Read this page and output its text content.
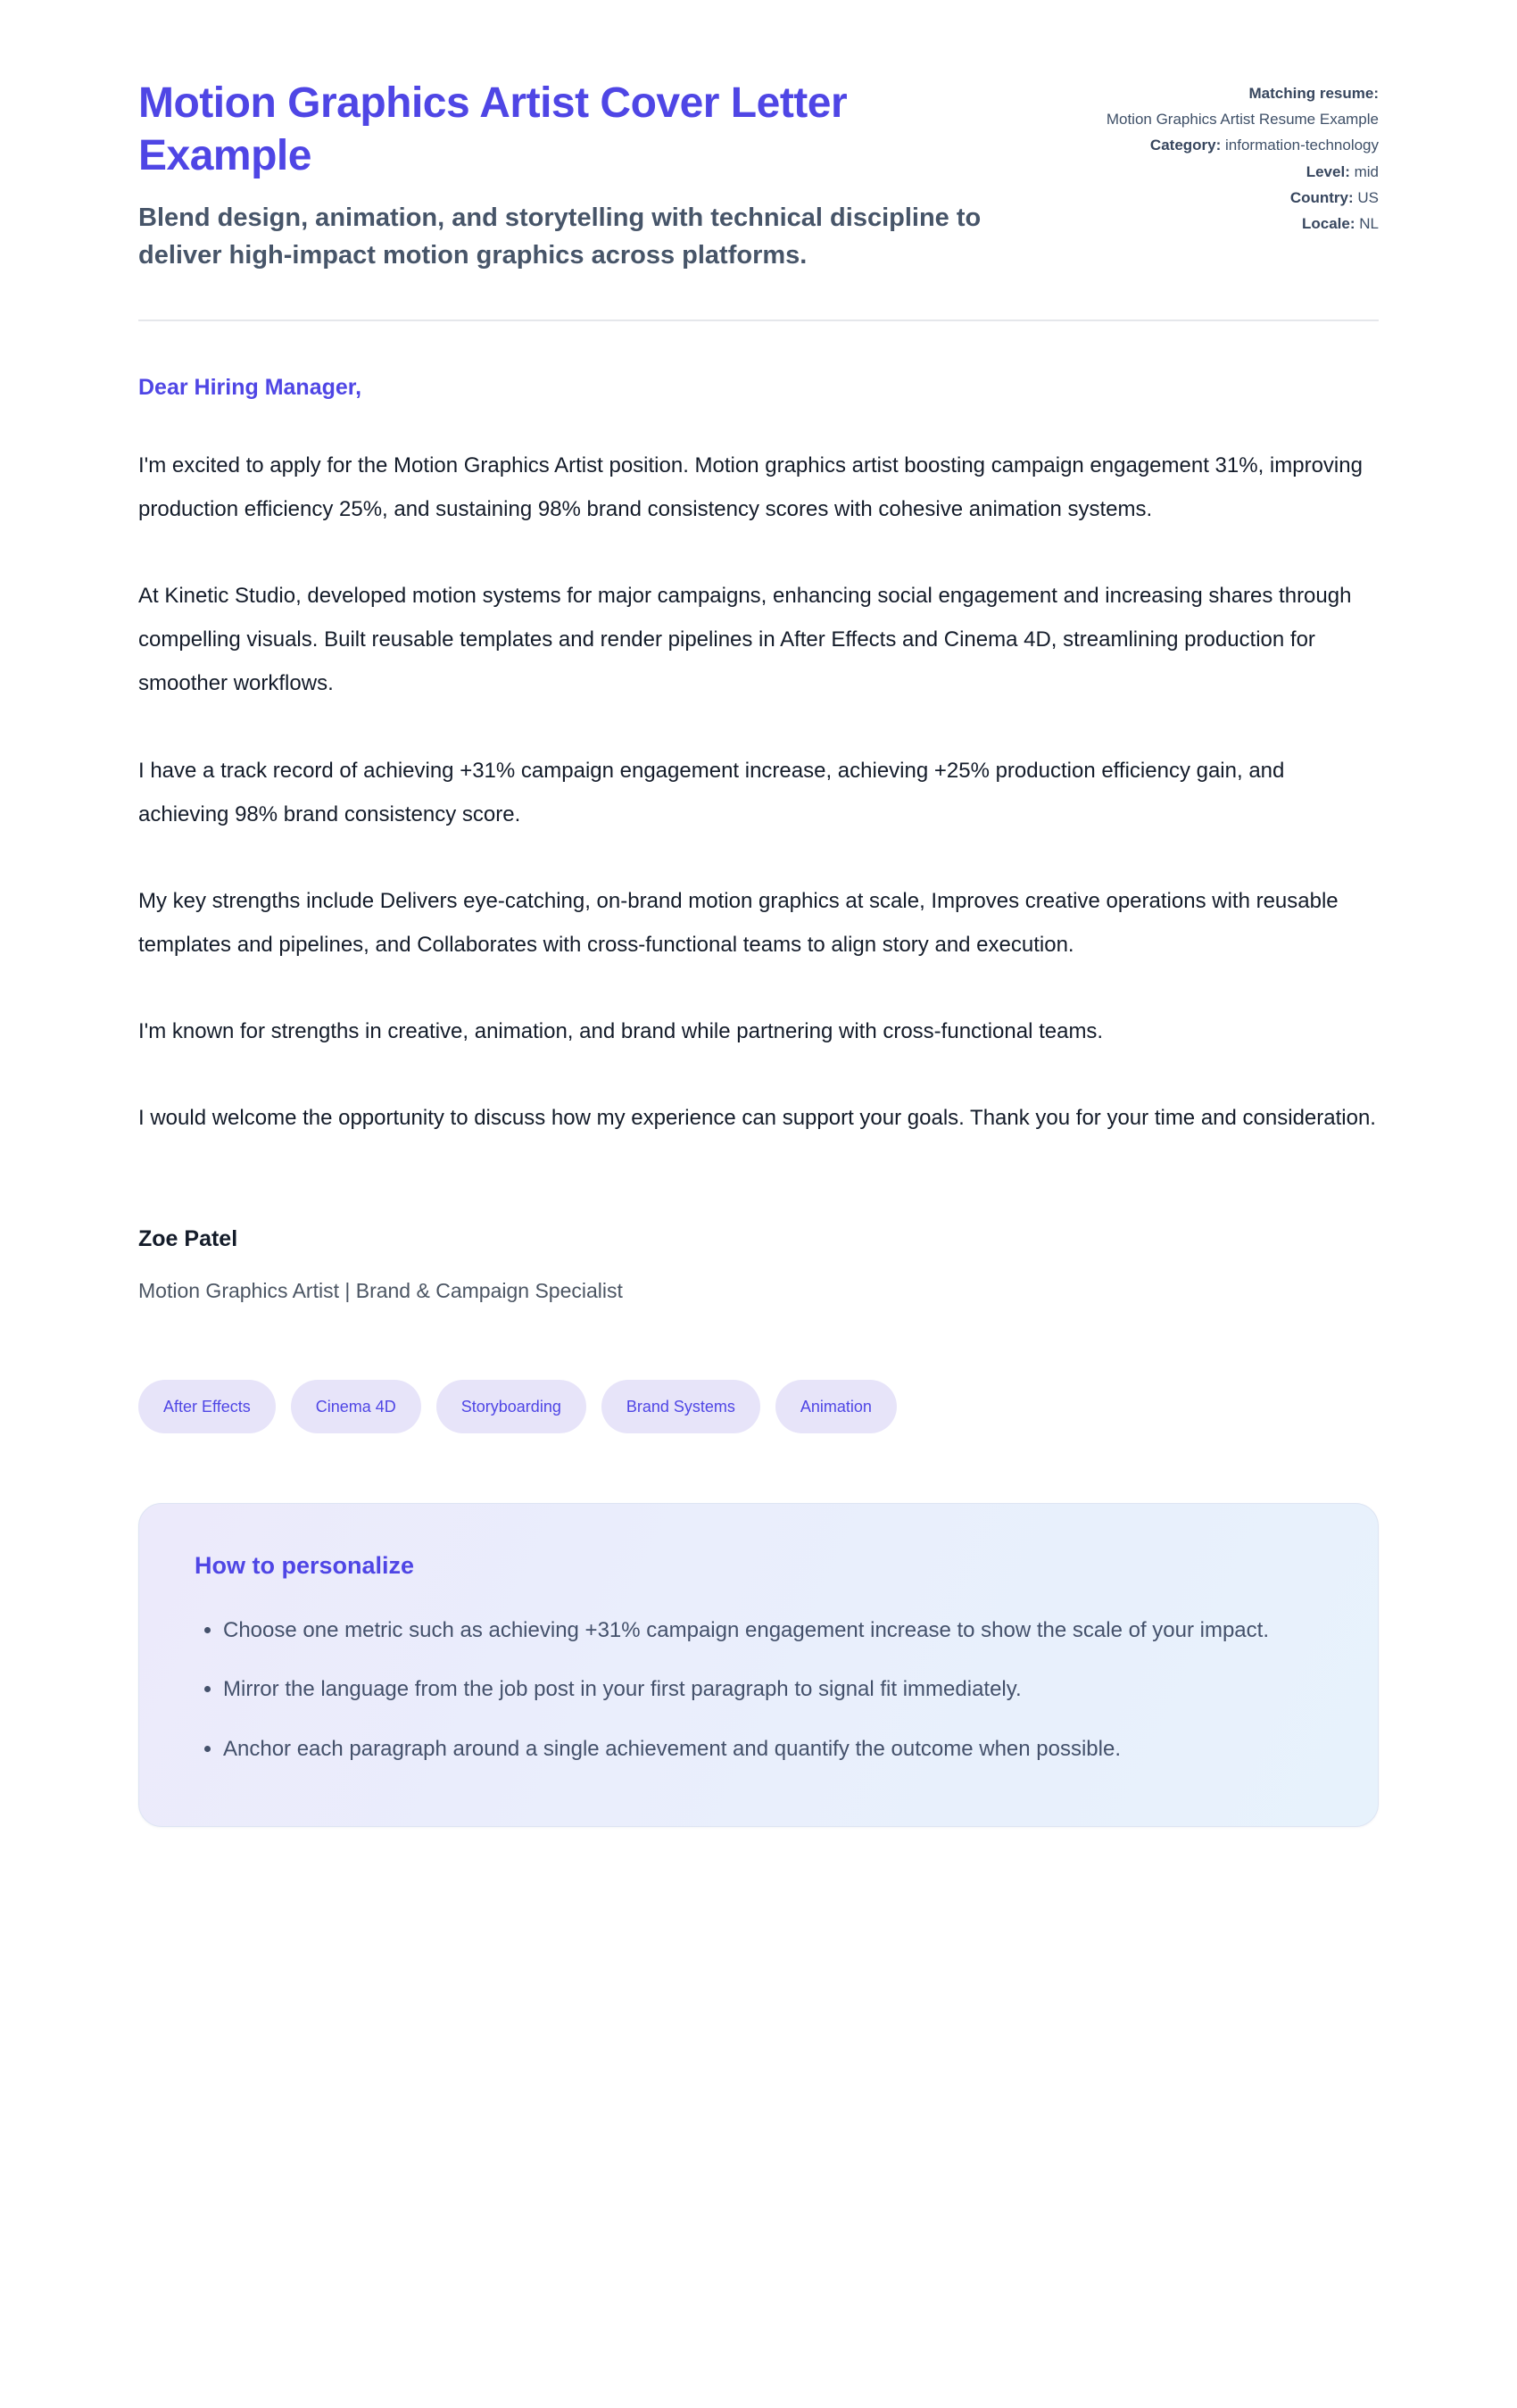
Motion Graphics Artist Cover Letter Example

Blend design, animation, and storytelling with technical discipline to deliver high-impact motion graphics across platforms.

Matching resume:
Motion Graphics Artist Resume Example
Category: information-technology
Level: mid
Country: US
Locale: NL
Dear Hiring Manager,

I'm excited to apply for the Motion Graphics Artist position. Motion graphics artist boosting campaign engagement 31%, improving production efficiency 25%, and sustaining 98% brand consistency scores with cohesive animation systems.

At Kinetic Studio, developed motion systems for major campaigns, enhancing social engagement and increasing shares through compelling visuals. Built reusable templates and render pipelines in After Effects and Cinema 4D, streamlining production for smoother workflows.

I have a track record of achieving +31% campaign engagement increase, achieving +25% production efficiency gain, and achieving 98% brand consistency score.

My key strengths include Delivers eye-catching, on-brand motion graphics at scale, Improves creative operations with reusable templates and pipelines, and Collaborates with cross-functional teams to align story and execution.

I'm known for strengths in creative, animation, and brand while partnering with cross-functional teams.

I would welcome the opportunity to discuss how my experience can support your goals. Thank you for your time and consideration.

Zoe Patel
Motion Graphics Artist | Brand & Campaign Specialist
After Effects	Cinema 4D	Storyboarding	Brand Systems	Animation
How to personalize
• Choose one metric such as achieving +31% campaign engagement increase to show the scale of your impact.
• Mirror the language from the job post in your first paragraph to signal fit immediately.
• Anchor each paragraph around a single achievement and quantify the outcome when possible.
